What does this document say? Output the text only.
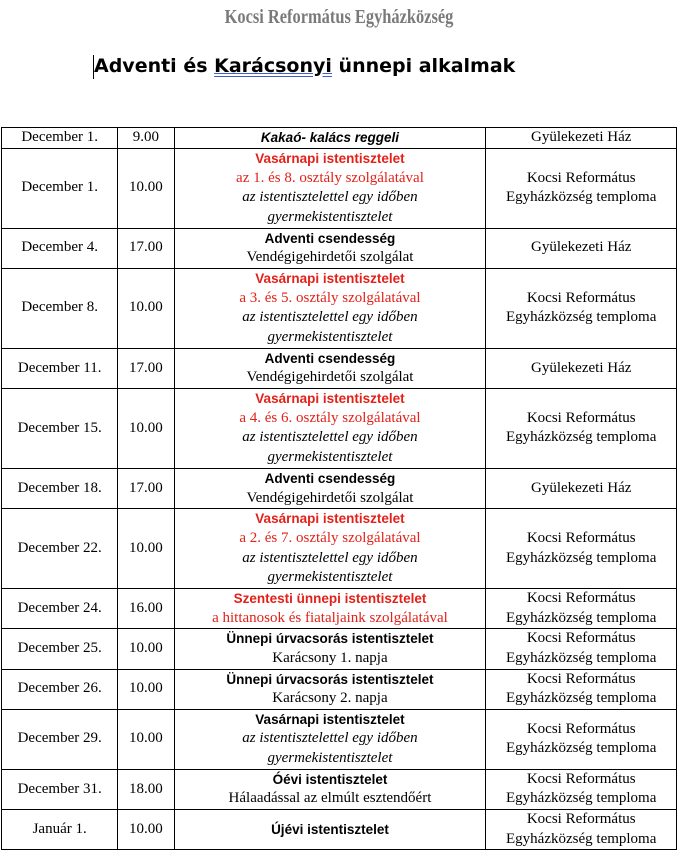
Kocsi Református Egyházközség
Adventi és Karácsonyi ünnepi alkalmak
December 1.	9.00	Kakaó- kalács reggeli	Gyülekezeti Ház

December 1.	10.00	Vasárnapi istentisztelet
az 1. és 8. osztály szolgálatával
az istentisztelettel egy időben
gyermekistentisztelet	Kocsi Református
Egyházközség temploma

December 4.	17.00	Adventi csendesség
Vendégigehirdetői szolgálat	Gyülekezeti Ház

December 8.	10.00	Vasárnapi istentisztelet
a 3. és 5. osztály szolgálatával
az istentisztelettel egy időben
gyermekistentisztelet	Kocsi Református
Egyházközség temploma

December 11.	17.00	Adventi csendesség
Vendégigehirdetői szolgálat	Gyülekezeti Ház

December 15.	10.00	Vasárnapi istentisztelet
a 4. és 6. osztály szolgálatával
az istentisztelettel egy időben
gyermekistentisztelet	Kocsi Református
Egyházközség temploma

December 18.	17.00	Adventi csendesség
Vendégigehirdetői szolgálat	Gyülekezeti Ház

December 22.	10.00	Vasárnapi istentisztelet
a 2. és 7. osztály szolgálatával
az istentisztelettel egy időben
gyermekistentisztelet	Kocsi Református
Egyházközség temploma

December 24.	16.00	Szentesti ünnepi istentisztelet
a hittanosok és fiataljaink szolgálatával	Kocsi Református
Egyházközség temploma

December 25.	10.00	Ünnepi úrvacsorás istentisztelet
Karácsony 1. napja	Kocsi Református
Egyházközség temploma

December 26.	10.00	Ünnepi úrvacsorás istentisztelet
Karácsony 2. napja	Kocsi Református
Egyházközség temploma

December 29.	10.00	Vasárnapi istentisztelet
az istentisztelettel egy időben
gyermekistentisztelet	Kocsi Református
Egyházközség temploma

December 31.	18.00	Óévi istentisztelet
Hálaadással az elmúlt esztendőért	Kocsi Református
Egyházközség temploma

Január 1.	10.00	Újévi istentisztelet	Kocsi Református
Egyházközség temploma
